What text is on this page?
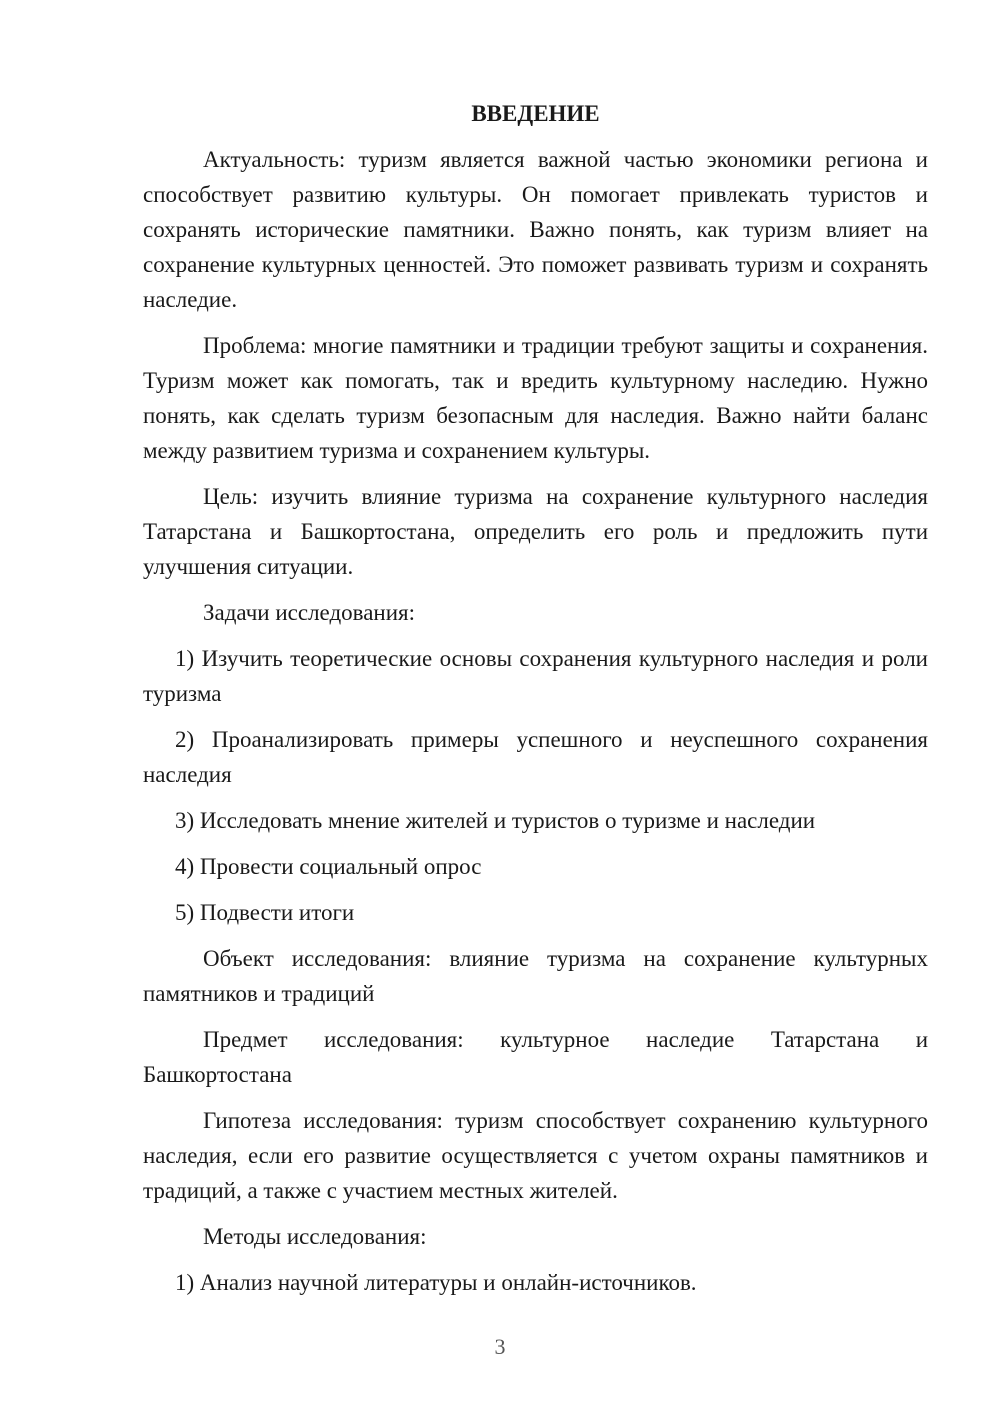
ВВЕДЕНИЕ

Актуальность: туризм является важной частью экономики региона и способствует развитию культуры. Он помогает привлекать туристов и сохранять исторические памятники. Важно понять, как туризм влияет на сохранение культурных ценностей. Это поможет развивать туризм и сохранять наследие.

Проблема: многие памятники и традиции требуют защиты и сохранения. Туризм может как помогать, так и вредить культурному наследию. Нужно понять, как сделать туризм безопасным для наследия. Важно найти баланс между развитием туризма и сохранением культуры.

Цель: изучить влияние туризма на сохранение культурного наследия Татарстана и Башкортостана, определить его роль и предложить пути улучшения ситуации.

Задачи исследования:

1) Изучить теоретические основы сохранения культурного наследия и роли туризма

2) Проанализировать примеры успешного и неуспешного сохранения наследия

3) Исследовать мнение жителей и туристов о туризме и наследии

4) Провести социальный опрос

5) Подвести итоги

Объект исследования: влияние туризма на сохранение культурных памятников и традиций

Предмет исследования: культурное наследие Татарстана и Башкортостана

Гипотеза исследования: туризм способствует сохранению культурного наследия, если его развитие осуществляется с учетом охраны памятников и традиций, а также с участием местных жителей.

Методы исследования:

1) Анализ научной литературы и онлайн-источников.

3
